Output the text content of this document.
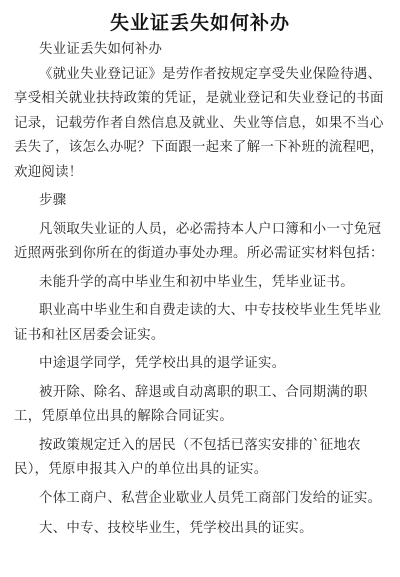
失业证丢失如何补办

失业证丢失如何补办

《就业失业登记证》是劳作者按规定享受失业保险待遇、享受相关就业扶持政策的凭证，是就业登记和失业登记的书面记录，记载劳作者自然信息及就业、失业等信息，如果不当心丢失了，该怎么办呢？下面跟一起来了解一下补班的流程吧，欢迎阅读！

步骤

凡领取失业证的人员，必必需持本人户口簿和小一寸免冠近照两张到你所在的街道办事处办理。所必需证实材料包括：

未能升学的高中毕业生和初中毕业生，凭毕业证书。

职业高中毕业生和自费走读的大、中专技校毕业生凭毕业证书和社区居委会证实。

中途退学同学，凭学校出具的退学证实。

被开除、除名、辞退或自动离职的职工、合同期满的职工，凭原单位出具的解除合同证实。

按政策规定迁入的居民（不包括已落实安排的`征地农民），凭原申报其入户的单位出具的证实。

个体工商户、私营企业歇业人员凭工商部门发给的证实。

大、中专、技校毕业生，凭学校出具的证实。
